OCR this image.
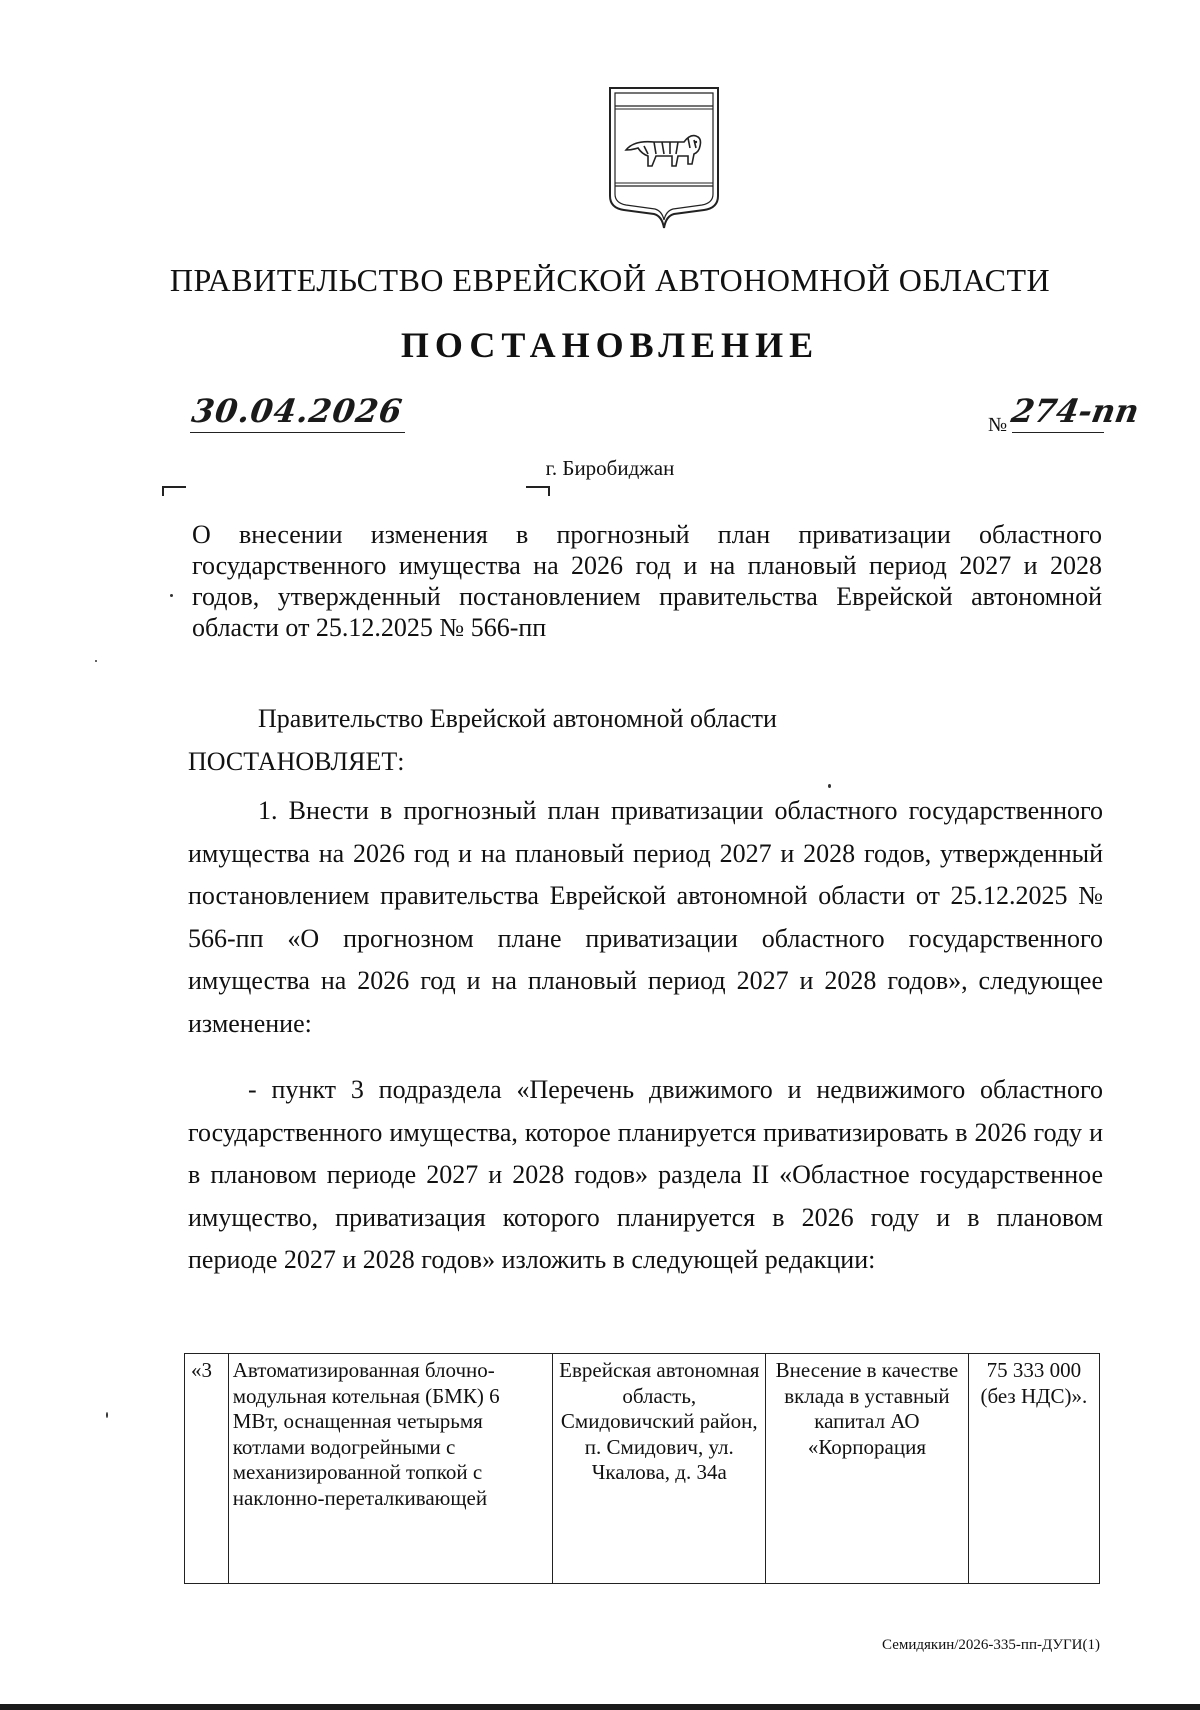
ПРАВИТЕЛЬСТВО ЕВРЕЙСКОЙ АВТОНОМНОЙ ОБЛАСТИ
ПОСТАНОВЛЕНИЕ
30.04.2026	№ 274-пп
г. Биробиджан
О внесении изменения в прогнозный план приватизации областного государственного имущества на 2026 год и на плановый период 2027 и 2028 годов, утвержденный постановлением правительства Еврейской автономной области от 25.12.2025 № 566-пп
Правительство Еврейской автономной области
ПОСТАНОВЛЯЕТ:
1. Внести в прогнозный план приватизации областного государственного имущества на 2026 год и на плановый период 2027 и 2028 годов, утвержденный постановлением правительства Еврейской автономной области от 25.12.2025 № 566-пп «О прогнозном плане приватизации областного государственного имущества на 2026 год и на плановый период 2027 и 2028 годов», следующее изменение:
- пункт 3 подраздела «Перечень движимого и недвижимого областного государственного имущества, которое планируется приватизировать в 2026 году и в плановом периоде 2027 и 2028 годов» раздела II «Областное государственное имущество, приватизация которого планируется в 2026 году и в плановом периоде 2027 и 2028 годов» изложить в следующей редакции:
«3	Автоматизированная блочно-модульная котельная (БМК) 6 МВт, оснащенная четырьмя котлами водогрейными с механизированной топкой с наклонно-переталкивающей	Еврейская автономная область, Смидовичский район, п. Смидович, ул. Чкалова, д. 34а	Внесение в качестве вклада в уставный капитал АО «Корпорация	75 333 000 (без НДС)».
Семидякин/2026-335-пп-ДУГИ(1)
